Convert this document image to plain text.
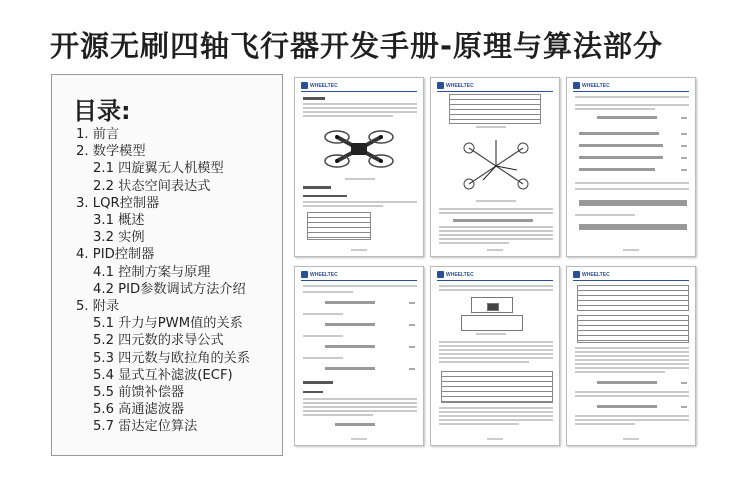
开源无刷四轴飞行器开发手册-原理与算法部分
目录:
1. 前言
2. 数学模型
2.1 四旋翼无人机模型
2.2 状态空间表达式
3. LQR控制器
3.1 概述
3.2 实例
4. PID控制器
4.1 控制方案与原理
4.2 PID参数调试方法介绍
5. 附录
5.1 升力与PWM值的关系
5.2 四元数的求导公式
5.3 四元数与欧拉角的关系
5.4 显式互补滤波(ECF)
5.5 前馈补偿器
5.6 高通滤波器
5.7 雷达定位算法
WHEELTEC	WHEELTEC	WHEELTEC
WHEELTEC	WHEELTEC	WHEELTEC
